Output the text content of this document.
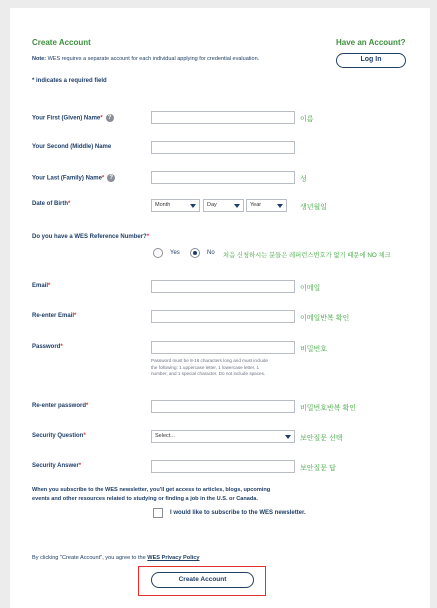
Create Account
Note: WES requires a separate account for each individual applying for credential evaluation.
* indicates a required field
Have an Account?
Log In
Your First (Given) Name* ?	이름
Your Second (Middle) Name
Your Last (Family) Name* ?	성
Date of Birth*	Month	Day	Year	생년월일
Do you have a WES Reference Number?*
Yes	No 처음 신청하시는 분들은 레퍼런스번호가 없기 때문에 NO 체크
Email*	이메일
Re-enter Email*	이메일반복 확인
Password*	비밀번호
Password must be 8-16 characters long and must include
the following: 1 uppercase letter, 1 lowercase letter, 1
number, and 1 special character. Do not include spaces.
Re-enter password*	비밀번호반복 확인
Security Question*	Select...	보안질문 선택
Security Answer*	보안질문 답
When you subscribe to the WES newsletter, you'll get access to articles, blogs, upcoming
events and other resources related to studying or finding a job in the U.S. or Canada.
I would like to subscribe to the WES newsletter.
By clicking "Create Account", you agree to the WES Privacy Policy
Create Account
